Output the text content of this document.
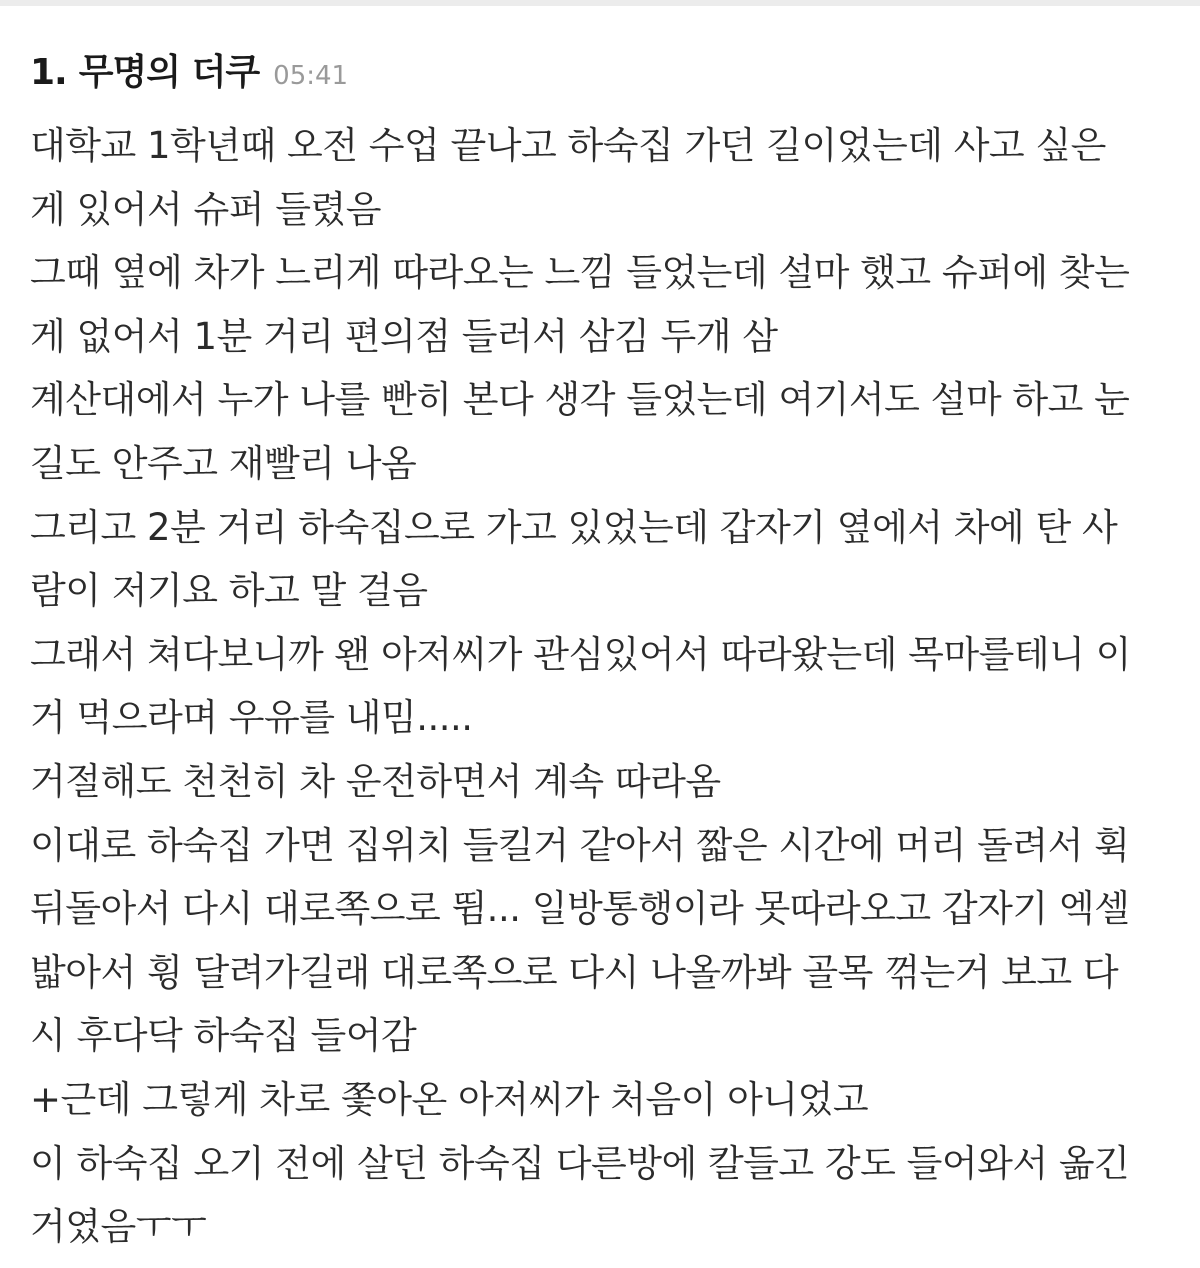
1. 무명의 더쿠 05:41
대학교 1학년때 오전 수업 끝나고 하숙집 가던 길이었는데 사고 싶은
게 있어서 슈퍼 들렸음
그때 옆에 차가 느리게 따라오는 느낌 들었는데 설마 했고 슈퍼에 찾는
게 없어서 1분 거리 편의점 들러서 삼김 두개 삼
계산대에서 누가 나를 빤히 본다 생각 들었는데 여기서도 설마 하고 눈
길도 안주고 재빨리 나옴
그리고 2분 거리 하숙집으로 가고 있었는데 갑자기 옆에서 차에 탄 사
람이 저기요 하고 말 걸음
그래서 쳐다보니까 왠 아저씨가 관심있어서 따라왔는데 목마를테니 이
거 먹으라며 우유를 내밈.....
거절해도 천천히 차 운전하면서 계속 따라옴
이대로 하숙집 가면 집위치 들킬거 같아서 짧은 시간에 머리 돌려서 휙
뒤돌아서 다시 대로쪽으로 뜀... 일방통행이라 못따라오고 갑자기 엑셀
밟아서 휭 달려가길래 대로쪽으로 다시 나올까봐 골목 꺾는거 보고 다
시 후다닥 하숙집 들어감
+근데 그렇게 차로 쫓아온 아저씨가 처음이 아니었고
이 하숙집 오기 전에 살던 하숙집 다른방에 칼들고 강도 들어와서 옮긴
거였음ㅜㅜ
